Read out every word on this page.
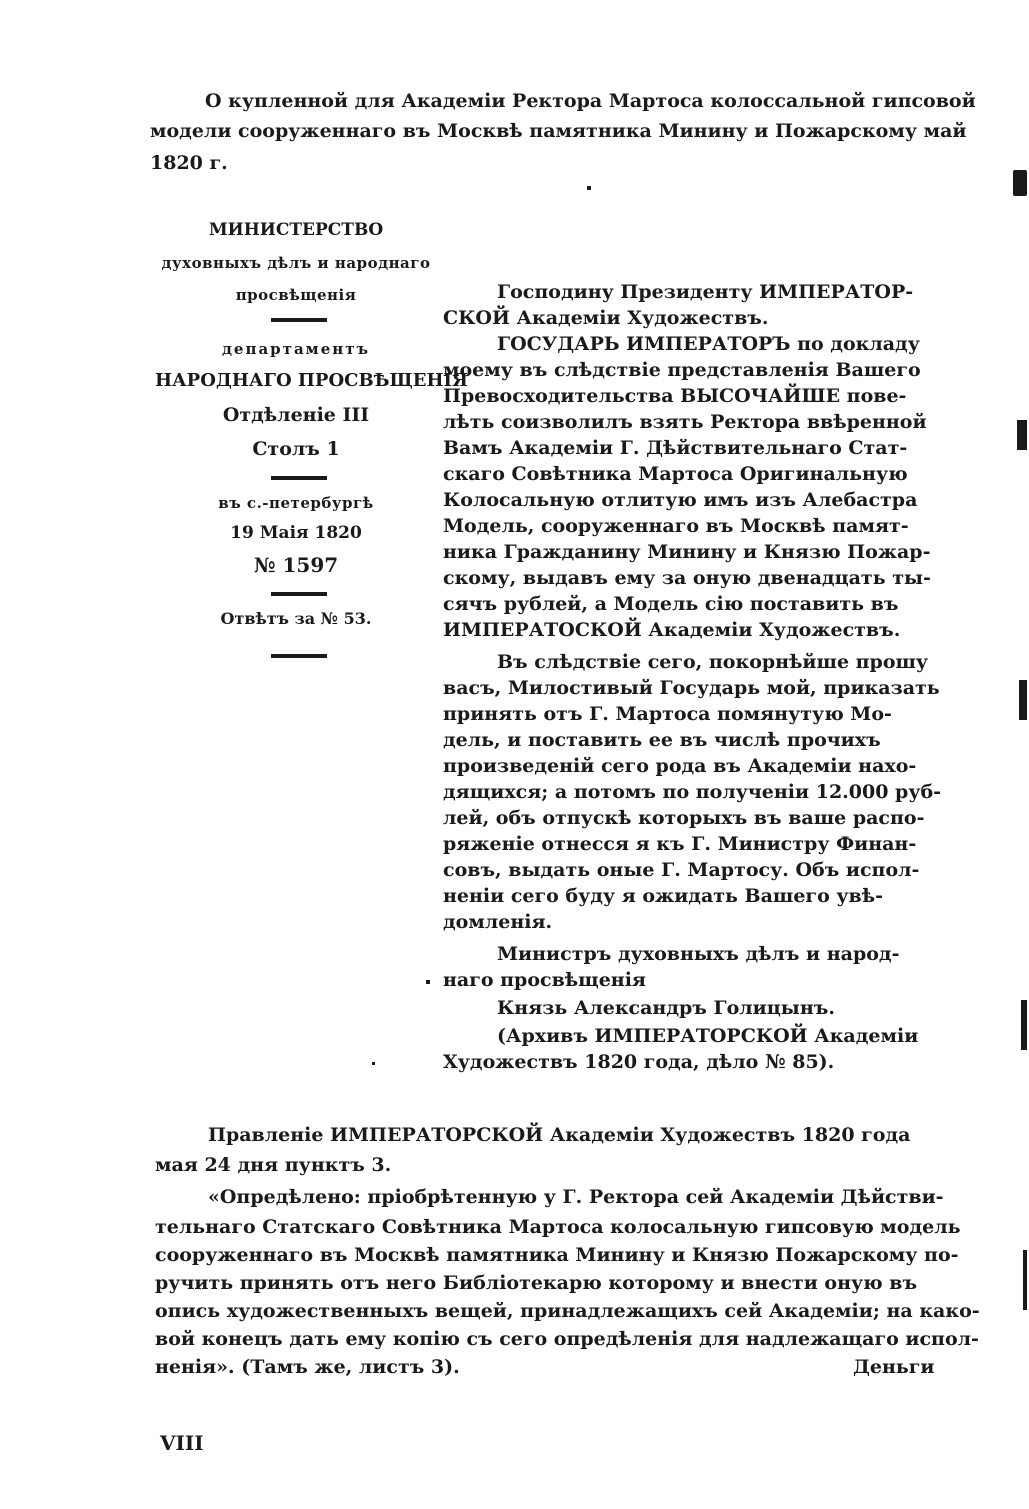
О купленной для Академіи Ректора Мартоса колоссальной гипсовой
модели сооруженнаго въ Москвѣ памятника Минину и Пожарскому май
1820 г.
МИНИСТЕРСТВО
духовныхъ дѣлъ и народнаго
просвѣщенія
департаментъ
НАРОДНАГО ПРОСВѢЩЕНІЯ
Отдѣленіе III
Столъ 1
въ с.-петербургѣ
19 Маія 1820
№ 1597
Отвѣтъ за № 53.
Господину Президенту ИМПЕРАТОР-
СКОЙ Академіи Художествъ.
ГОСУДАРЬ ИМПЕРАТОРЪ по докладу
моему въ слѣдствіе представленія Вашего
Превосходительства ВЫСОЧАЙШЕ пове-
лѣть соизволилъ взять Ректора ввѣренной
Вамъ Академіи Г. Дѣйствительнаго Стат-
скаго Совѣтника Мартоса Оригинальную
Колосальную отлитую имъ изъ Алебастра
Модель, сооруженнаго въ Москвѣ памят-
ника Гражданину Минину и Князю Пожар-
скому, выдавъ ему за оную двенадцать ты-
сячъ рублей, а Модель сію поставить въ
ИМПЕРАТОСКОЙ Академіи Художествъ.
Въ слѣдствіе сего, покорнѣйше прошу
васъ, Милостивый Государь мой, приказать
принять отъ Г. Мартоса помянутую Мо-
дель, и поставить ее въ числѣ прочихъ
произведеній сего рода въ Академіи нахо-
дящихся; а потомъ по полученіи 12.000 руб-
лей, объ отпускѣ которыхъ въ ваше распо-
ряженіе отнесся я къ Г. Министру Финан-
совъ, выдать оные Г. Мартосу. Объ испол-
неніи сего буду я ожидать Вашего увѣ-
домленія.
Министръ духовныхъ дѣлъ и народ-
наго просвѣщенія
Князь Александръ Голицынъ.
(Архивъ ИМПЕРАТОРСКОЙ Академіи
Художествъ 1820 года, дѣло № 85).
Правленіе ИМПЕРАТОРСКОЙ Академіи Художествъ 1820 года
мая 24 дня пунктъ 3.
«Опредѣлено: пріобрѣтенную у Г. Ректора сей Академіи Дѣйстви-
тельнаго Статскаго Совѣтника Мартоса колосальную гипсовую модель
сооруженнаго въ Москвѣ памятника Минину и Князю Пожарскому по-
ручить принять отъ него Библіотекарю которому и внести оную въ
опись художественныхъ вещей, принадлежащихъ сей Академіи; на како-
вой конецъ дать ему копію съ сего опредѣленія для надлежащаго испол-
ненія». (Тамъ же, листъ 3).	Деньги
VIII
